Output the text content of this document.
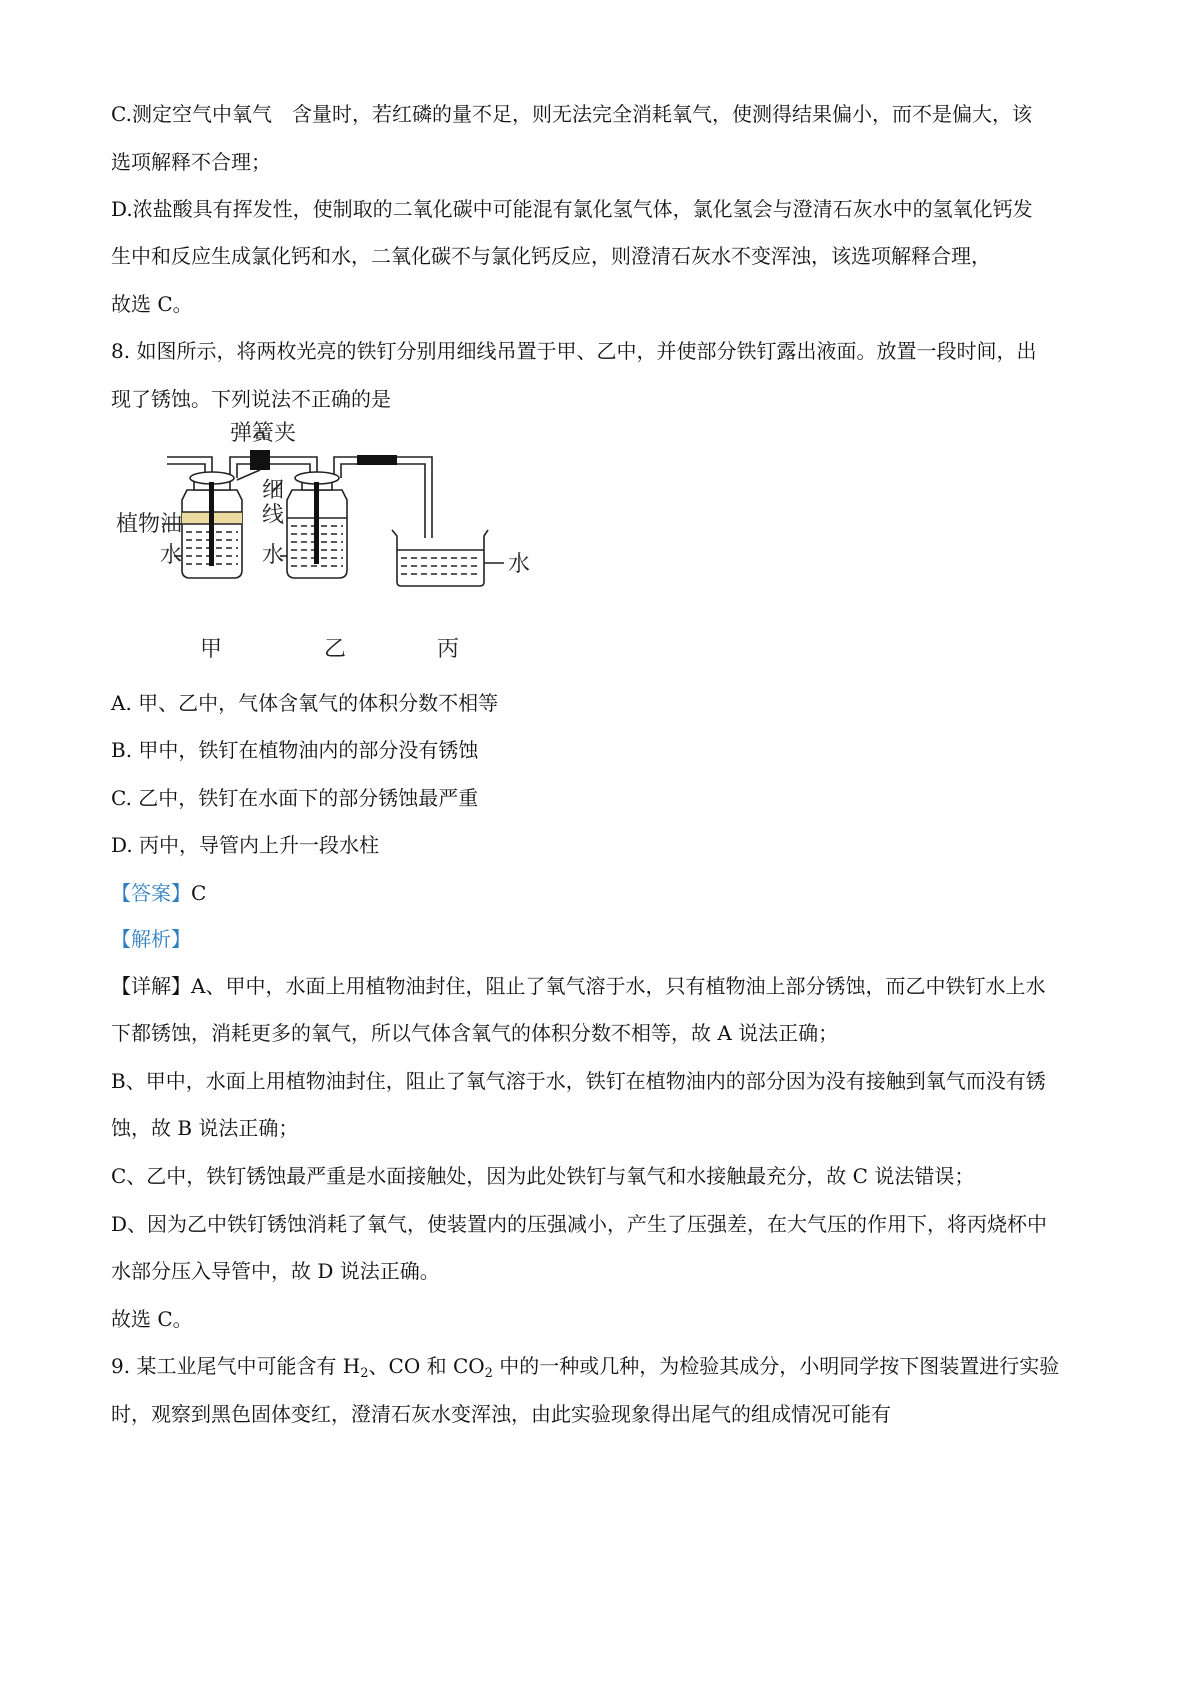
C.测定空气中氧气　含量时，若红磷的量不足，则无法完全消耗氧气，使测得结果偏小，而不是偏大，该
选项解释不合理；
D.浓盐酸具有挥发性，使制取的二氧化碳中可能混有氯化氢气体，氯化氢会与澄清石灰水中的氢氧化钙发
生中和反应生成氯化钙和水，二氧化碳不与氯化钙反应，则澄清石灰水不变浑浊，该选项解释合理，
故选 C。
8. 如图所示，将两枚光亮的铁钉分别用细线吊置于甲、乙中，并使部分铁钉露出液面。放置一段时间，出
现了锈蚀。下列说法不正确的是
弹簧夹
细
线
植物油
水	水	水
甲	乙	丙
A. 甲、乙中，气体含氧气的体积分数不相等
B. 甲中，铁钉在植物油内的部分没有锈蚀
C. 乙中，铁钉在水面下的部分锈蚀最严重
D. 丙中，导管内上升一段水柱
【答案】C
【解析】
【详解】A、甲中，水面上用植物油封住，阻止了氧气溶于水，只有植物油上部分锈蚀，而乙中铁钉水上水
下都锈蚀，消耗更多的氧气，所以气体含氧气的体积分数不相等，故 A 说法正确；
B、甲中，水面上用植物油封住，阻止了氧气溶于水，铁钉在植物油内的部分因为没有接触到氧气而没有锈
蚀，故 B 说法正确；
C、乙中，铁钉锈蚀最严重是水面接触处，因为此处铁钉与氧气和水接触最充分，故 C 说法错误；
D、因为乙中铁钉锈蚀消耗了氧气，使装置内的压强减小，产生了压强差，在大气压的作用下，将丙烧杯中
水部分压入导管中，故 D 说法正确。
故选 C。
9. 某工业尾气中可能含有 $H_2$、CO 和 $CO_2$ 中的一种或几种，为检验其成分，小明同学按下图装置进行实验
时，观察到黑色固体变红，澄清石灰水变浑浊，由此实验现象得出尾气的组成情况可能有
